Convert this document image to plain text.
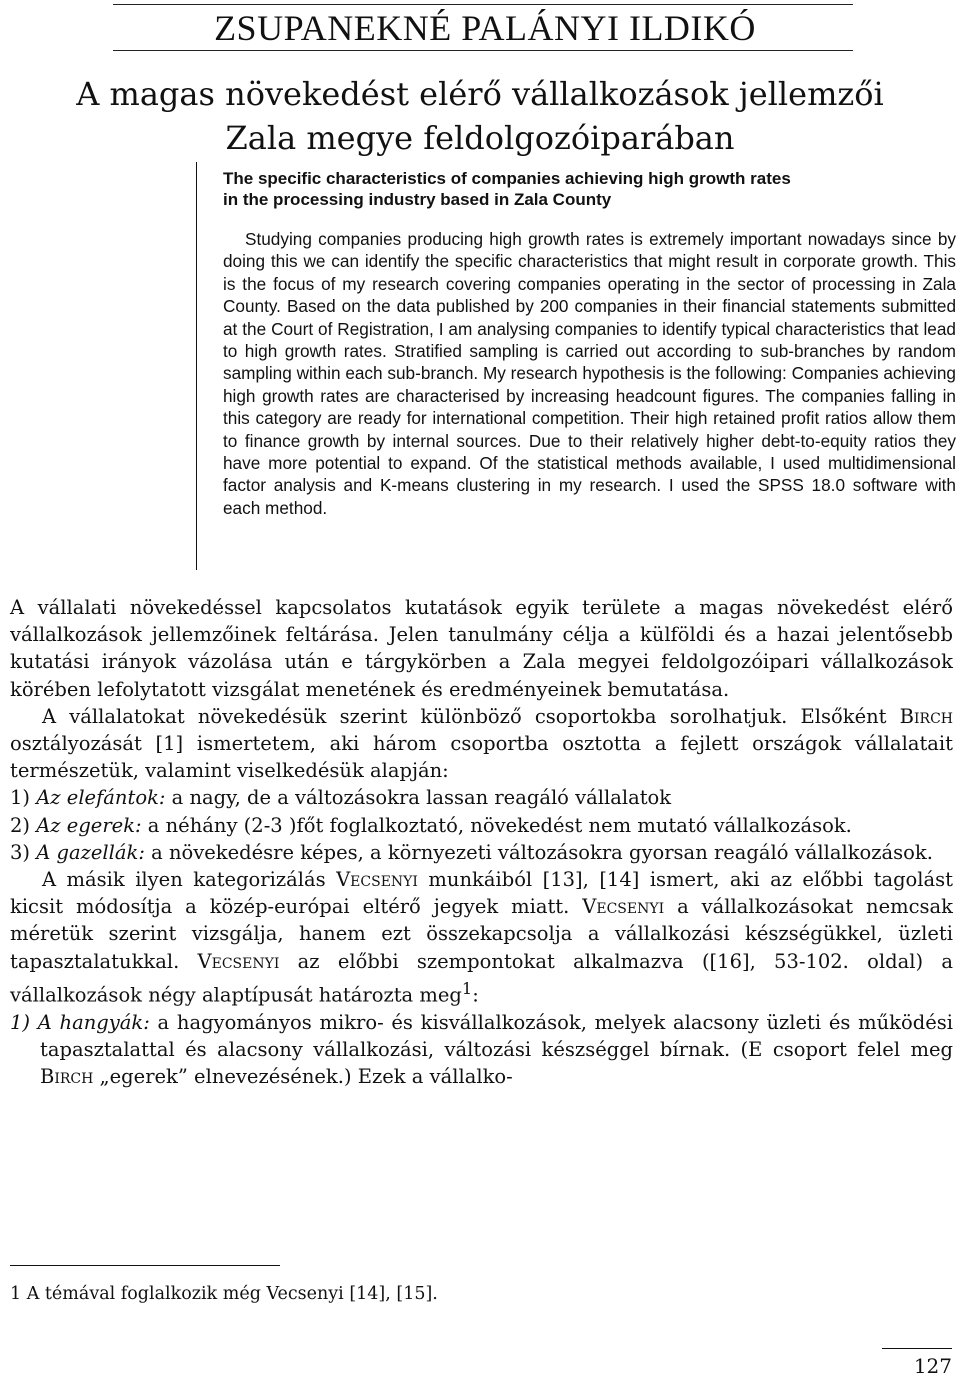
ZSUPANEKNÉ PALÁNYI ILDIKÓ
A magas növekedést elérő vállalkozások jellemzői
Zala megye feldolgozóiparában
The specific characteristics of companies achieving high growth rates
in the processing industry based in Zala County

Studying companies producing high growth rates is extremely important nowadays since by doing this we can identify the specific characteristics that might result in corporate growth. This is the focus of my research covering companies operating in the sector of processing in Zala County. Based on the data published by 200 companies in their financial statements submitted at the Court of Registration, I am analysing companies to identify typical characteristics that lead to high growth rates. Stratified sampling is carried out according to sub-branches by random sampling within each sub-branch. My research hypothesis is the following: Companies achieving high growth rates are characterised by increasing headcount figures. The companies falling in this category are ready for international competition. Their high retained profit ratios allow them to finance growth by internal sources. Due to their relatively higher debt-to-equity ratios they have more potential to expand. Of the statistical methods available, I used multidimensional factor analysis and K-means clustering in my research. I used the SPSS 18.0 software with each method.

A vállalati növekedéssel kapcsolatos kutatások egyik területe a magas növekedést elérő vállalkozások jellemzőinek feltárása. Jelen tanulmány célja a külföldi és a hazai jelentősebb kutatási irányok vázolása után e tárgykörben a Zala megyei feldolgozóipari vállalkozások körében lefolytatott vizsgálat menetének és eredményeinek bemutatása.

A vállalatokat növekedésük szerint különböző csoportokba sorolhatjuk. Elsőként Birch osztályozását [1] ismertetem, aki három csoportba osztotta a fejlett országok vállalatait természetük, valamint viselkedésük alapján:

1) Az elefántok: a nagy, de a változásokra lassan reagáló vállalatok

2) Az egerek: a néhány (2-3 )főt foglalkoztató, növekedést nem mutató vállalkozások.

3) A gazellák: a növekedésre képes, a környezeti változásokra gyorsan reagáló vállalkozások.

A másik ilyen kategorizálás Vecsenyi munkáiból [13], [14] ismert, aki az előbbi tagolást kicsit módosítja a közép-európai eltérő jegyek miatt. Vecsenyi a vállalkozásokat nemcsak méretük szerint vizsgálja, hanem ezt összekapcsolja a vállalkozási készségükkel, üzleti tapasztalatukkal. Vecsenyi az előbbi szempontokat alkalmazva ([16], 53-102. oldal) a vállalkozások négy alaptípusát határozta meg$^1$:

1) A hangyák: a hagyományos mikro- és kisvállalkozások, melyek alacsony üzleti és működési tapasztalattal és alacsony vállalkozási, változási készséggel bírnak. (E csoport felel meg Birch „egerek” elnevezésének.) Ezek a vállalko-

1 A témával foglalkozik még Vecsenyi [14], [15].

127
